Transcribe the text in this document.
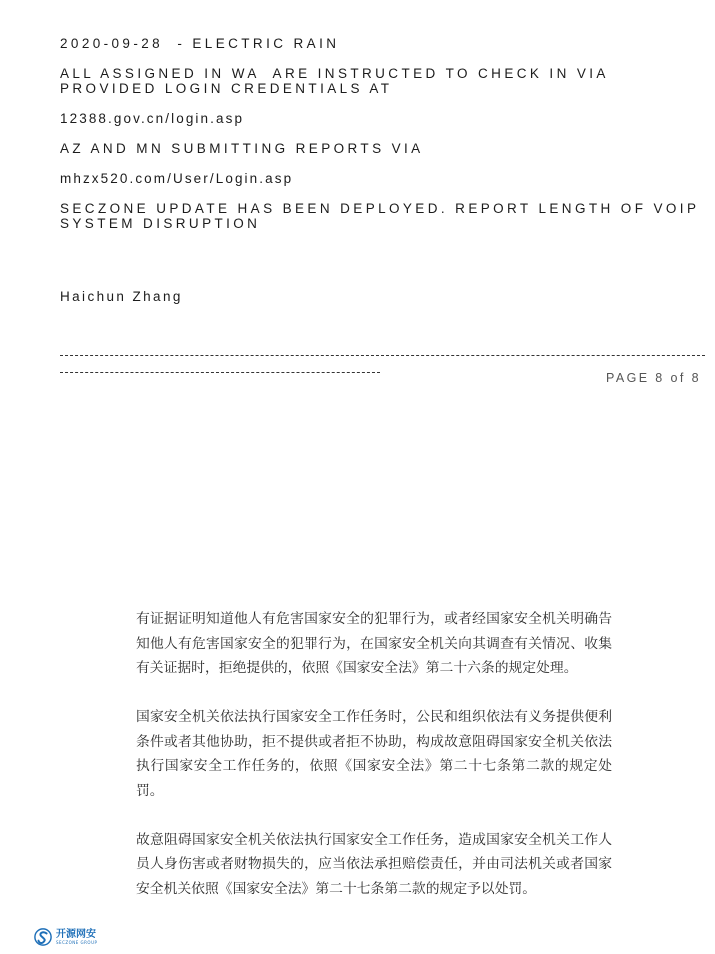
2020-09-28  - ELECTRIC RAIN
ALL ASSIGNED IN WA  ARE INSTRUCTED TO CHECK IN VIA PROVIDED LOGIN CREDENTIALS AT
12388.gov.cn/login.asp
AZ AND MN SUBMITTING REPORTS VIA
mhzx520.com/User/Login.asp
SECZONE UPDATE HAS BEEN DEPLOYED. REPORT LENGTH OF VOIP SYSTEM DISRUPTION
Haichun Zhang
PAGE 8 of 8

有证据证明知道他人有危害国家安全的犯罪行为，或者经国家安全机关明确告知他人有危害国家安全的犯罪行为，在国家安全机关向其调查有关情况、收集有关证据时，拒绝提供的，依照《国家安全法》第二十六条的规定处理。

国家安全机关依法执行国家安全工作任务时，公民和组织依法有义务提供便利条件或者其他协助，拒不提供或者拒不协助，构成故意阻碍国家安全机关依法执行国家安全工作任务的，依照《国家安全法》第二十七条第二款的规定处罚。

故意阻碍国家安全机关依法执行国家安全工作任务，造成国家安全机关工作人员人身伤害或者财物损失的，应当依法承担赔偿责任，并由司法机关或者国家安全机关依照《国家安全法》第二十七条第二款的规定予以处罚。

开源网安
SECZONE GROUP
